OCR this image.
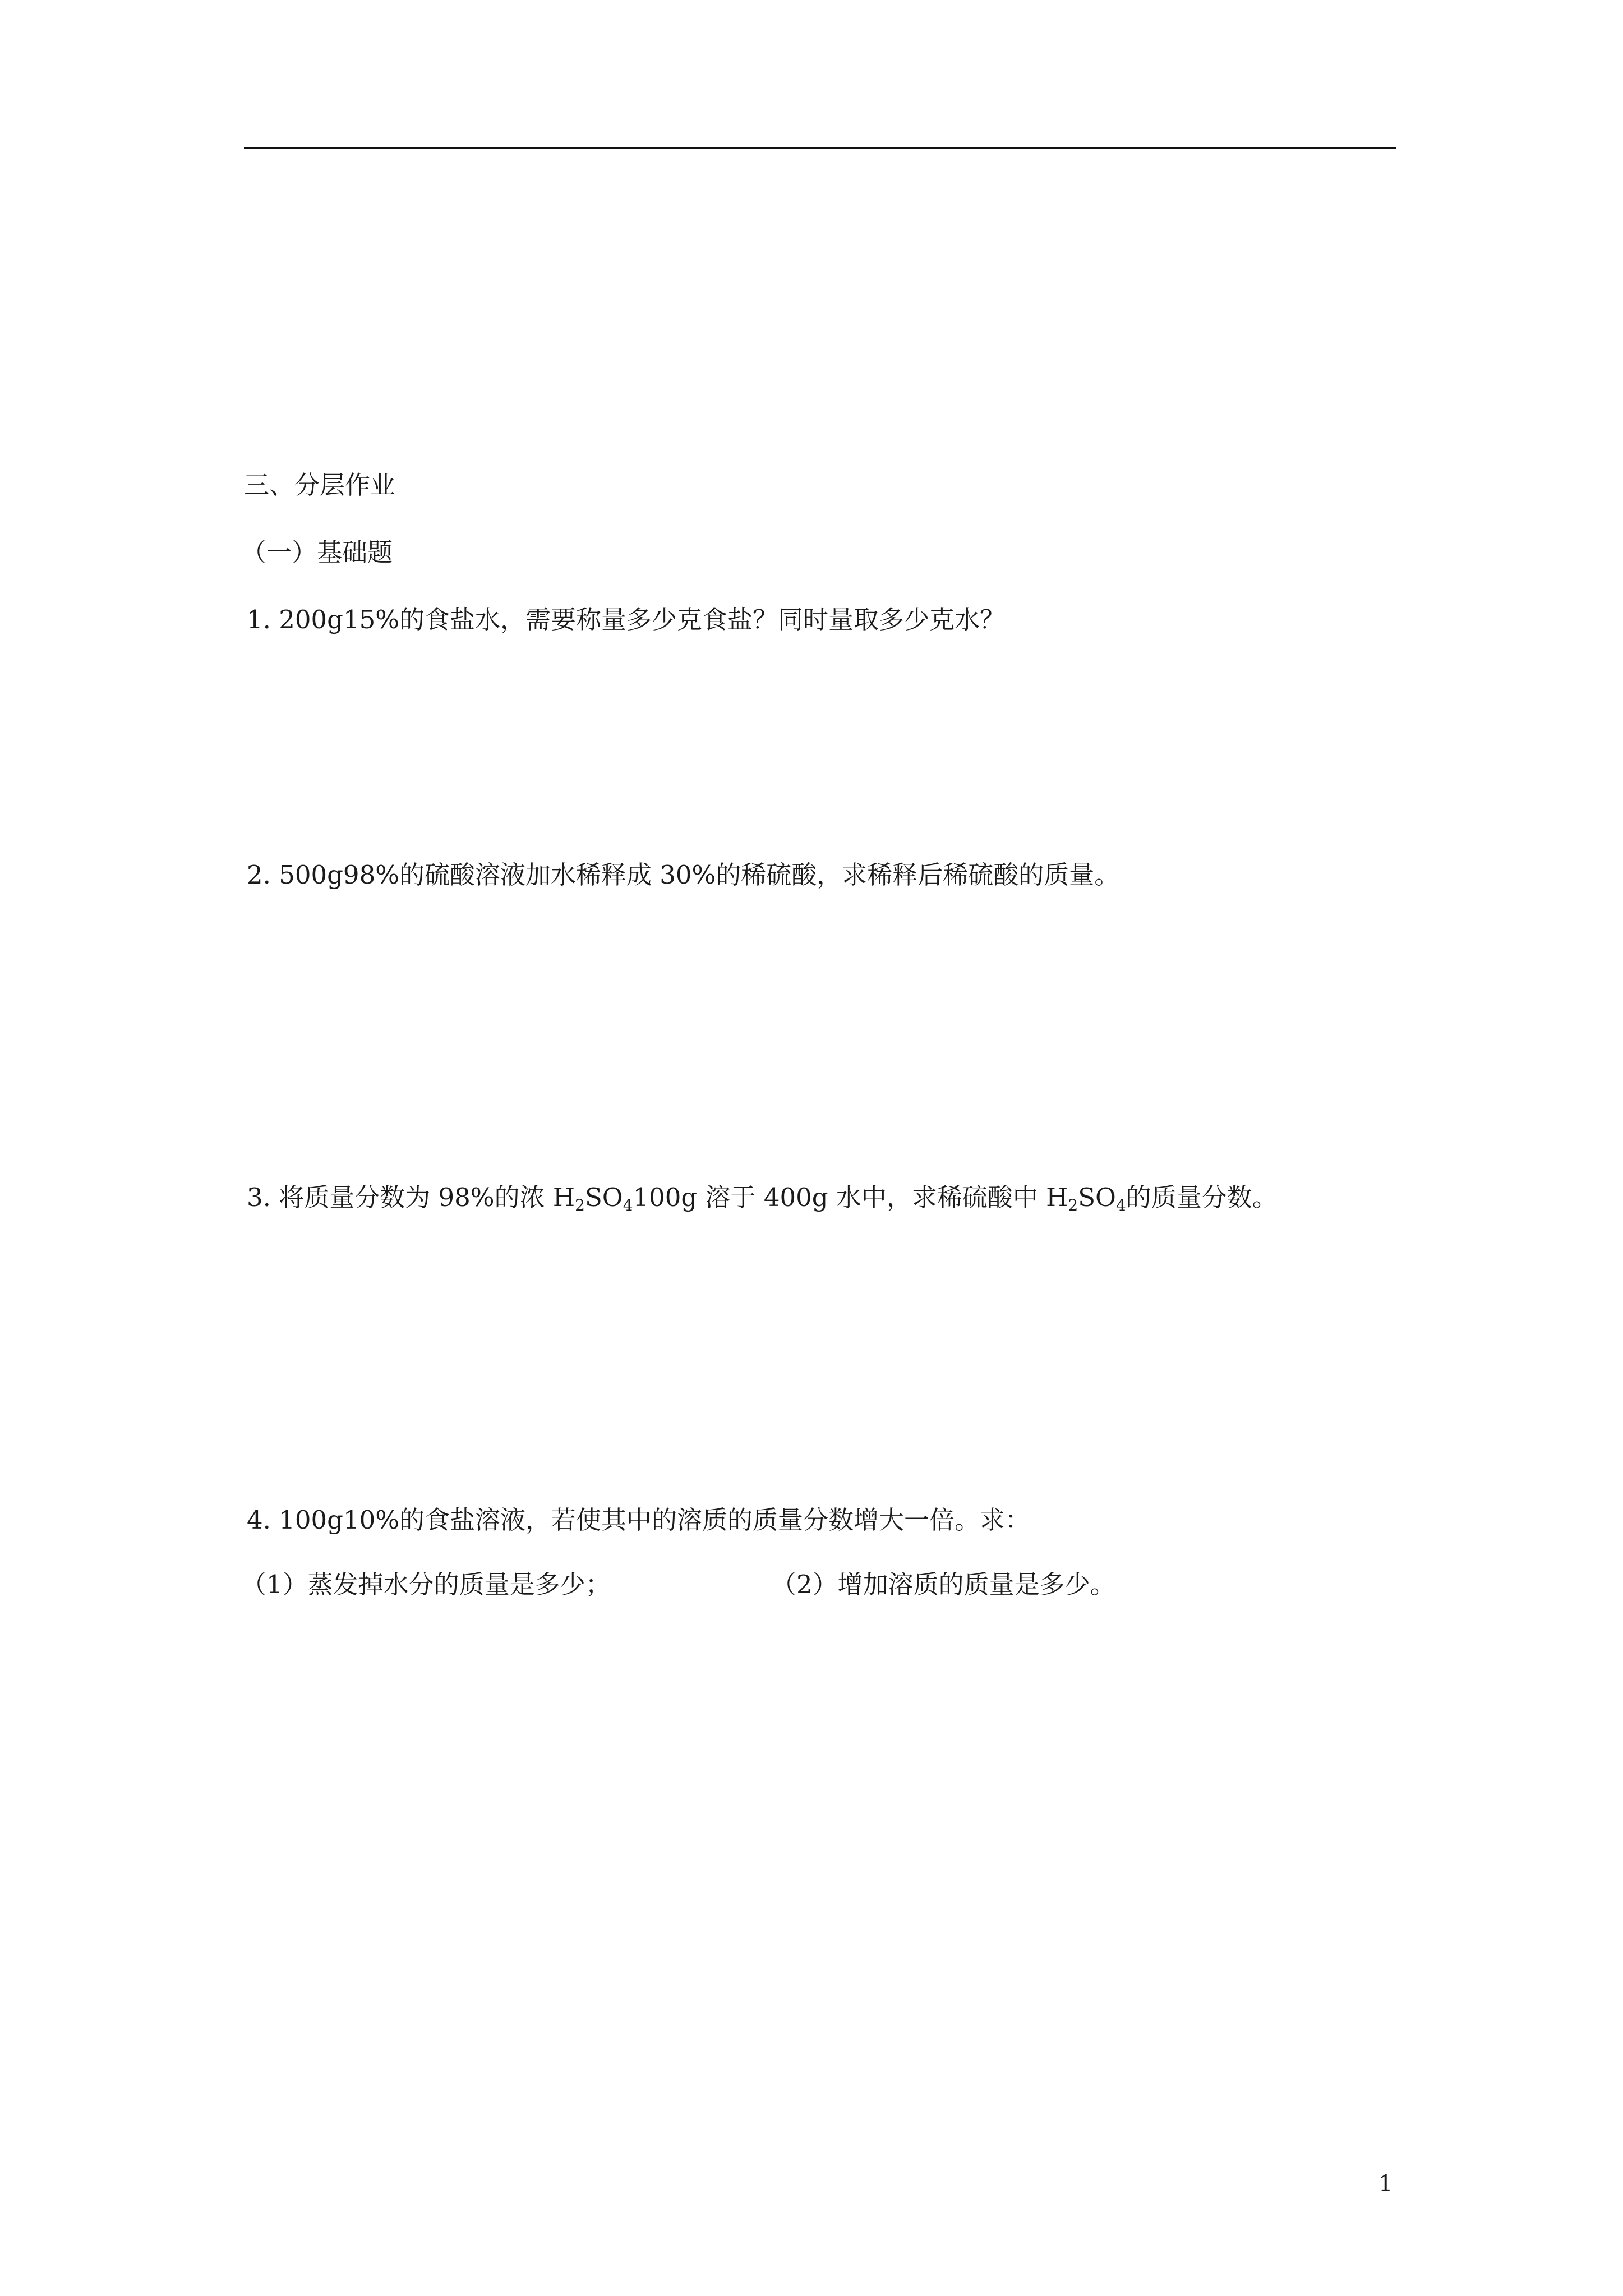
三、分层作业
（一）基础题
1. 200g15%的食盐水，需要称量多少克食盐？同时量取多少克水？
2. 500g98%的硫酸溶液加水稀释成 30%的稀硫酸，求稀释后稀硫酸的质量。
3. 将质量分数为 98%的浓 $H_2SO_4100g$ 溶于 400g 水中，求稀硫酸中 $H_2SO_4$的质量分数。
4. 100g10%的食盐溶液，若使其中的溶质的质量分数增大一倍。求：
（1）蒸发掉水分的质量是多少；	（2）增加溶质的质量是多少。
1
